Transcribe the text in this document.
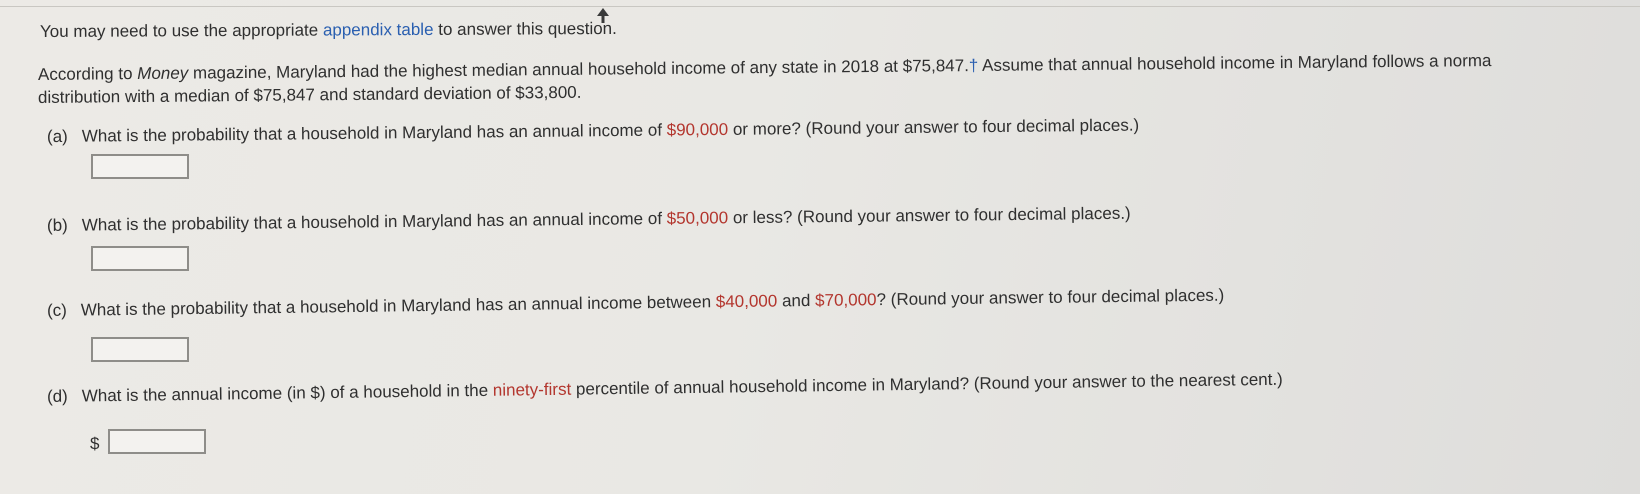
You may need to use the appropriate appendix table to answer this question.
According to Money magazine, Maryland had the highest median annual household income of any state in 2018 at $75,847.† Assume that annual household income in Maryland follows a norma
distribution with a median of $75,847 and standard deviation of $33,800.
(a) What is the probability that a household in Maryland has an annual income of $90,000 or more? (Round your answer to four decimal places.)
(b) What is the probability that a household in Maryland has an annual income of $50,000 or less? (Round your answer to four decimal places.)
(c) What is the probability that a household in Maryland has an annual income between $40,000 and $70,000? (Round your answer to four decimal places.)
(d) What is the annual income (in $) of a household in the ninety-first percentile of annual household income in Maryland? (Round your answer to the nearest cent.)
$
